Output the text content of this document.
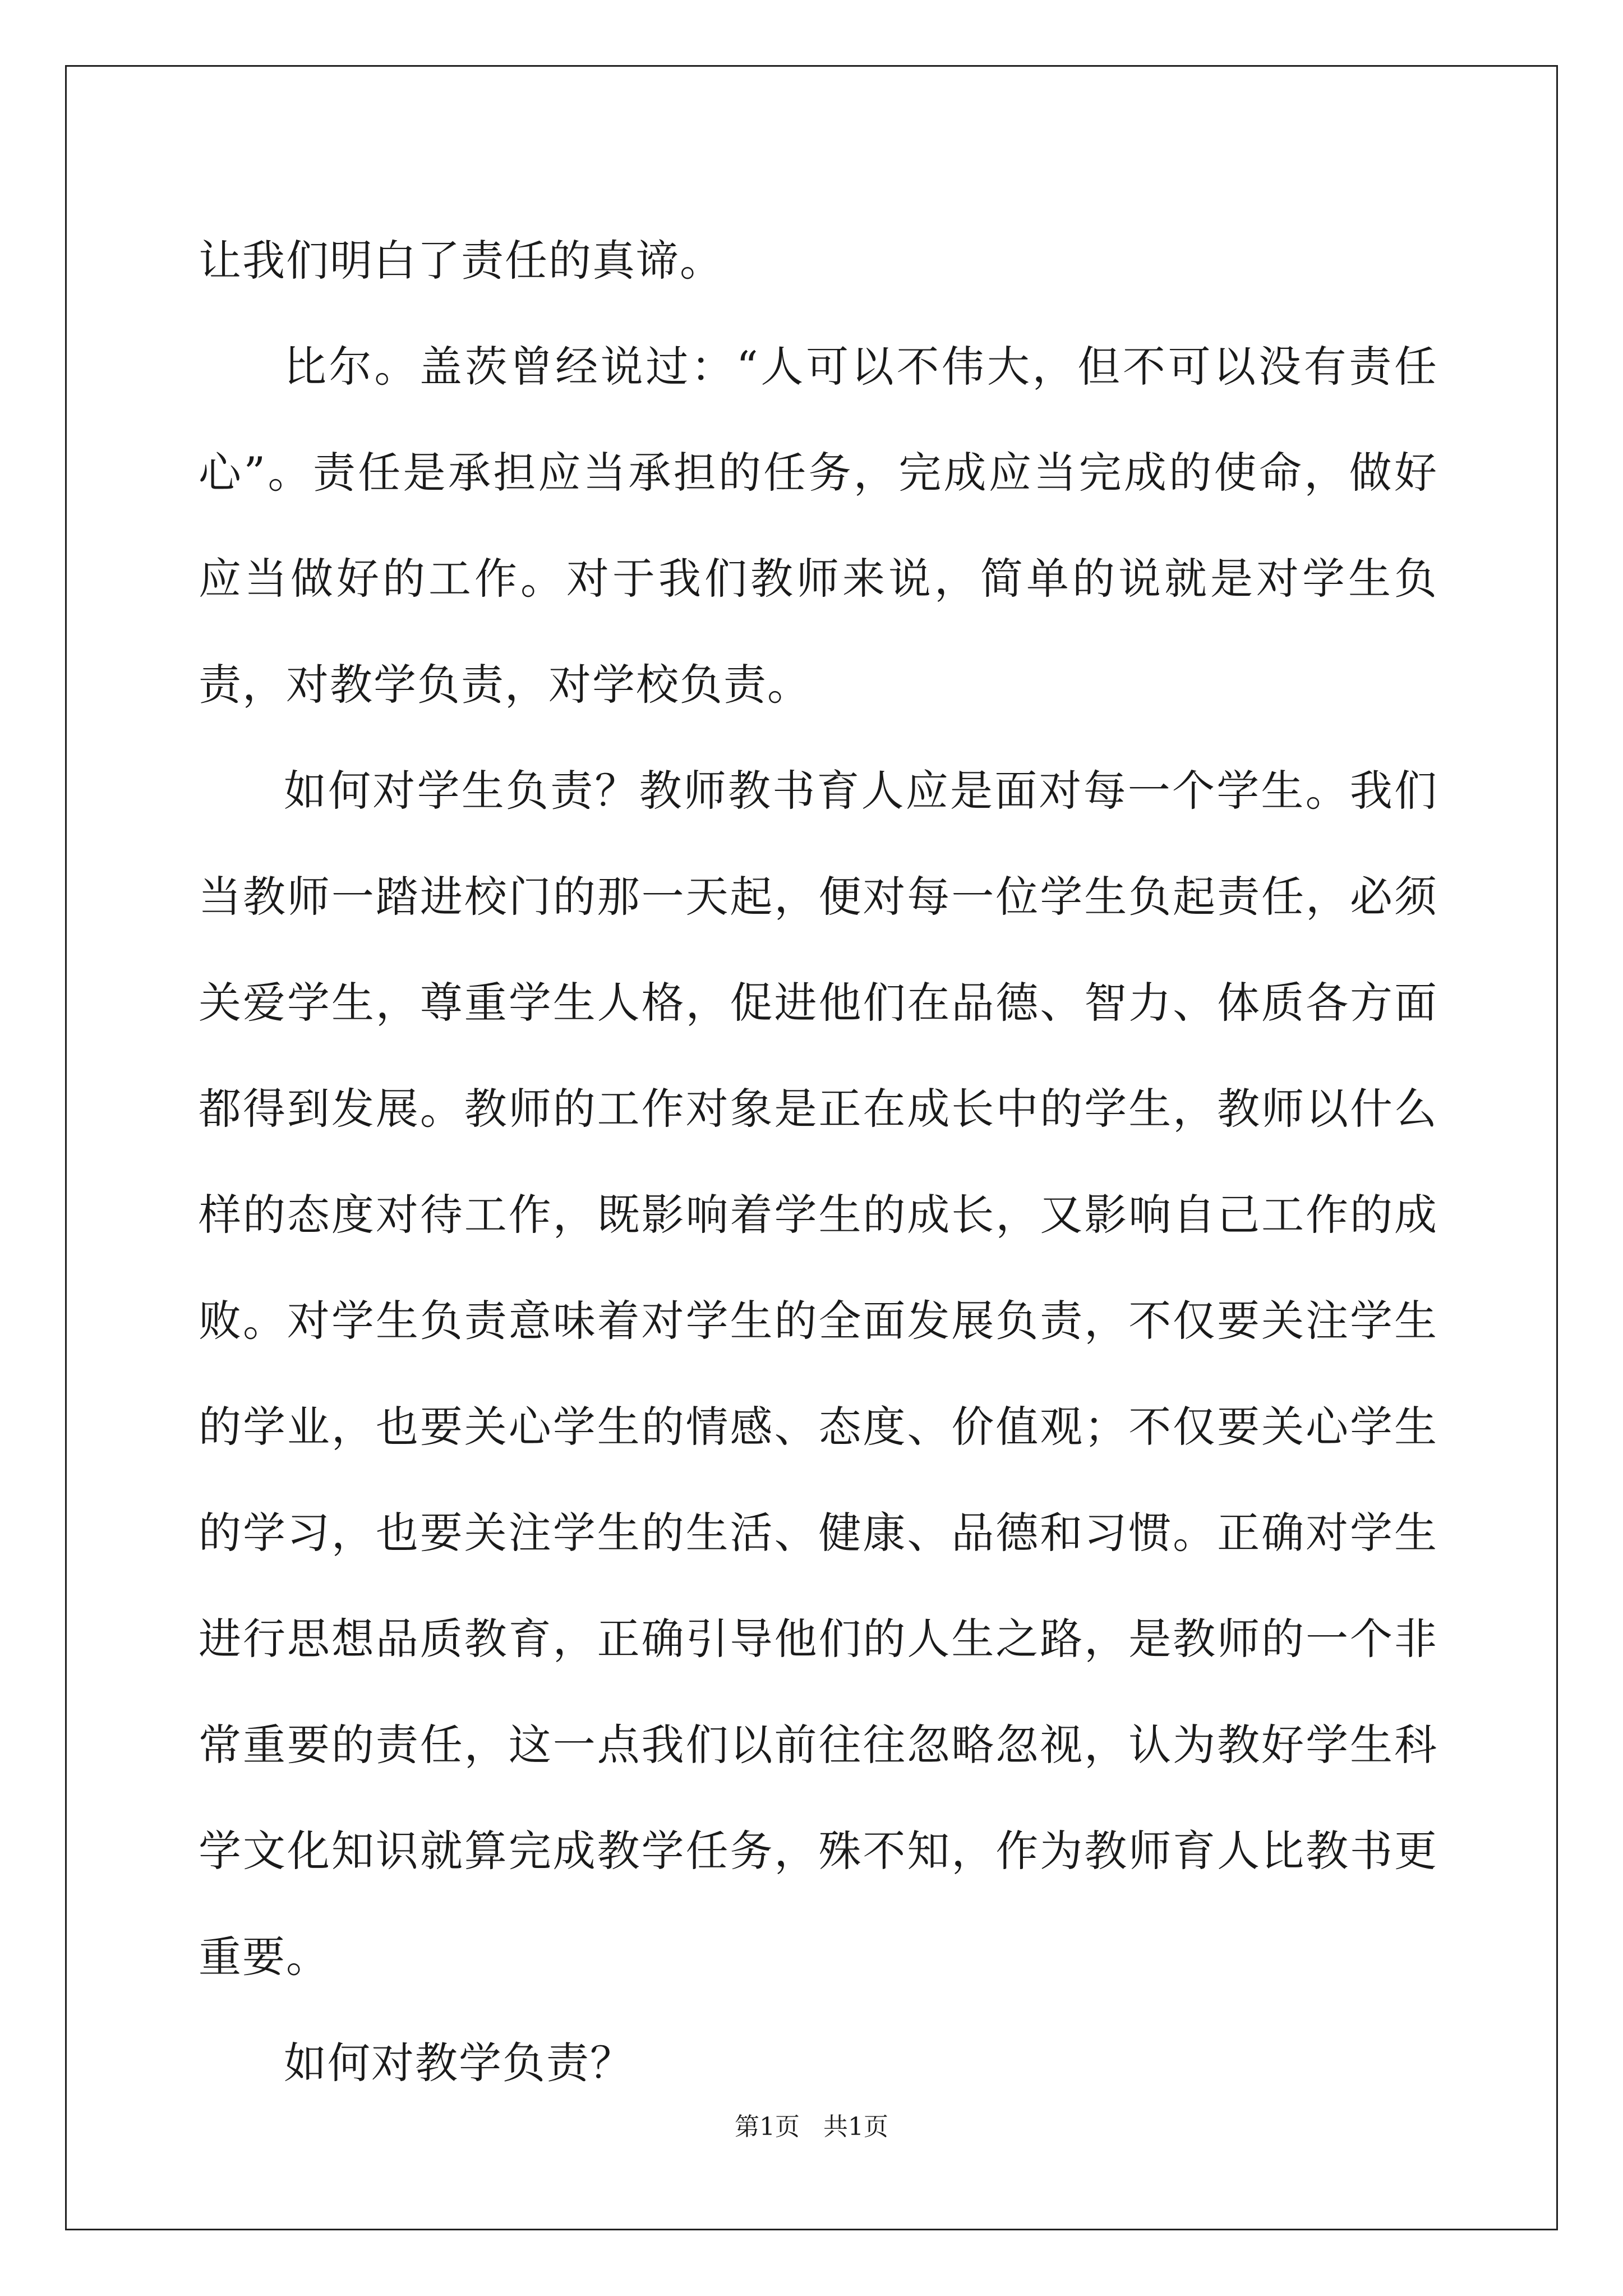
让我们明白了责任的真谛。

比尔。盖茨曾经说过：“人可以不伟大，但不可以没有责任心”。责任是承担应当承担的任务，完成应当完成的使命，做好应当做好的工作。对于我们教师来说，简单的说就是对学生负责，对教学负责，对学校负责。

如何对学生负责？教师教书育人应是面对每一个学生。我们当教师一踏进校门的那一天起，便对每一位学生负起责任，必须关爱学生，尊重学生人格，促进他们在品德、智力、体质各方面都得到发展。教师的工作对象是正在成长中的学生，教师以什么样的态度对待工作，既影响着学生的成长，又影响自己工作的成败。对学生负责意味着对学生的全面发展负责，不仅要关注学生的学业，也要关心学生的情感、态度、价值观；不仅要关心学生的学习，也要关注学生的生活、健康、品德和习惯。正确对学生进行思想品质教育，正确引导他们的人生之路，是教师的一个非常重要的责任，这一点我们以前往往忽略忽视，认为教好学生科学文化知识就算完成教学任务，殊不知，作为教师育人比教书更重要。

如何对教学负责？

第1页   共1页
